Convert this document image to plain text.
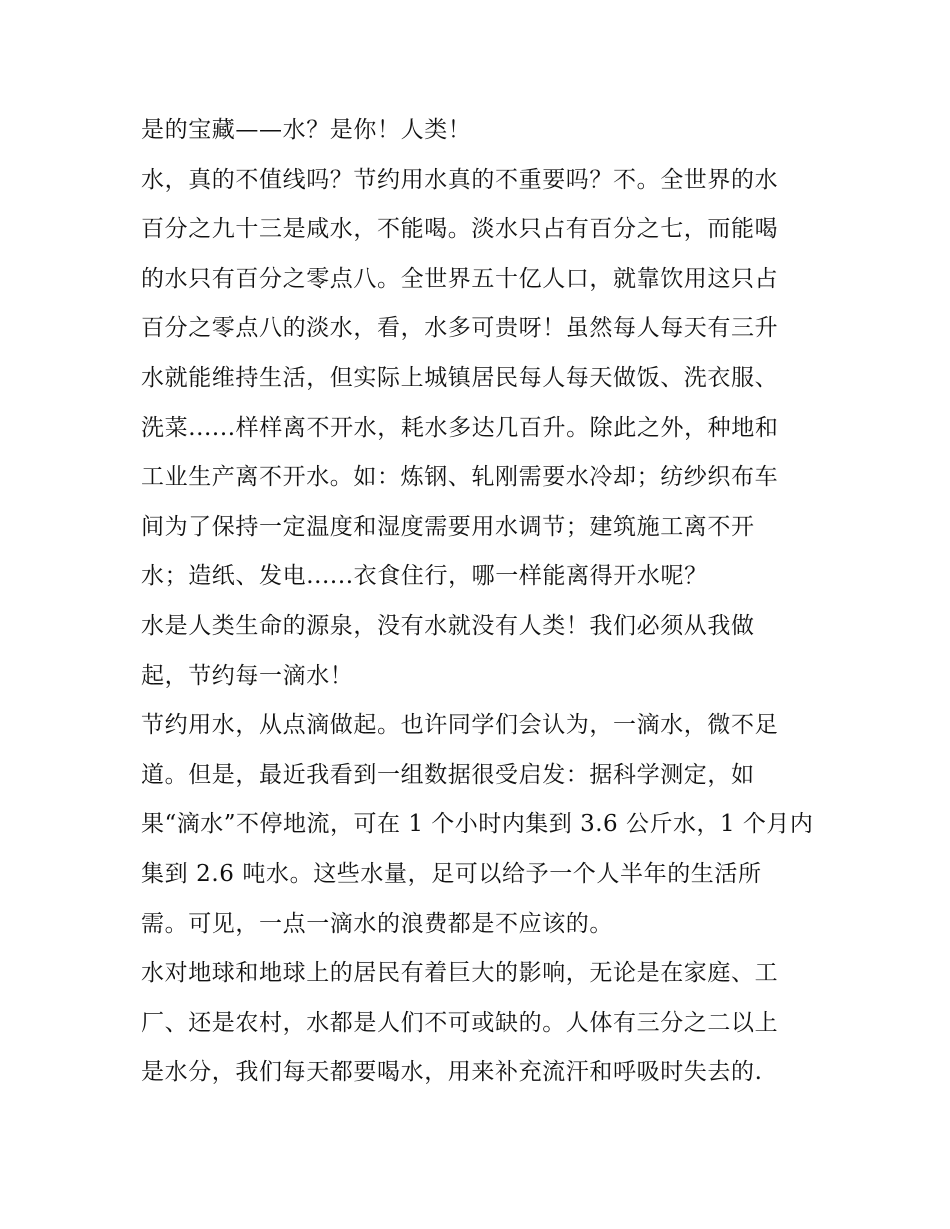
是的宝藏——水？是你！人类！
水，真的不值线吗？节约用水真的不重要吗？不。全世界的水
百分之九十三是咸水，不能喝。淡水只占有百分之七，而能喝
的水只有百分之零点八。全世界五十亿人口，就靠饮用这只占
百分之零点八的淡水，看，水多可贵呀！虽然每人每天有三升
水就能维持生活，但实际上城镇居民每人每天做饭、洗衣服、
洗菜......样样离不开水，耗水多达几百升。除此之外，种地和
工业生产离不开水。如：炼钢、轧刚需要水冷却；纺纱织布车
间为了保持一定温度和湿度需要用水调节；建筑施工离不开
水；造纸、发电......衣食住行，哪一样能离得开水呢？
水是人类生命的源泉，没有水就没有人类！我们必须从我做
起，节约每一滴水！
节约用水，从点滴做起。也许同学们会认为，一滴水，微不足
道。但是，最近我看到一组数据很受启发：据科学测定，如
果“滴水”不停地流，可在 1 个小时内集到 3.6 公斤水，1 个月内
集到 2.6 吨水。这些水量，足可以给予一个人半年的生活所
需。可见，一点一滴水的浪费都是不应该的。
水对地球和地球上的居民有着巨大的影响，无论是在家庭、工
厂、还是农村，水都是人们不可或缺的。人体有三分之二以上
是水分，我们每天都要喝水，用来补充流汗和呼吸时失去的.
